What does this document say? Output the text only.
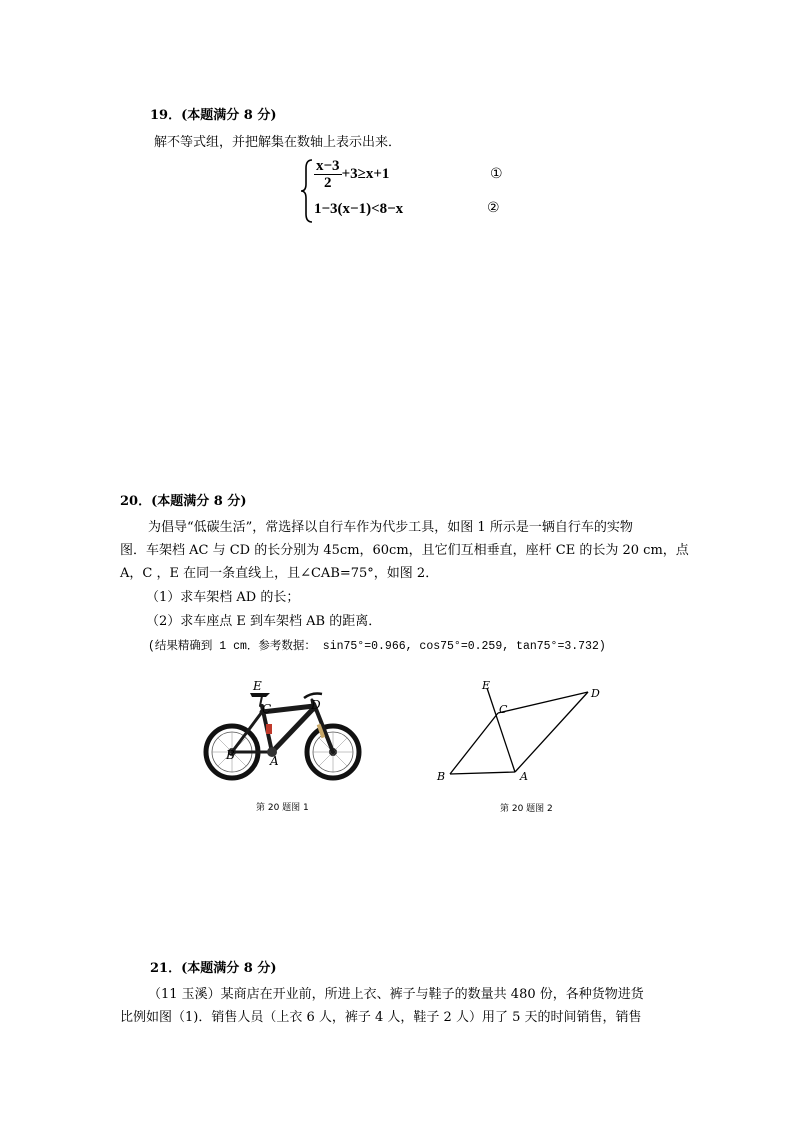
19．(本题满分 8 分)
解不等式组，并把解集在数轴上表示出来．
$\frac{x-3}{2} +3\ge x+1$
1−3(x−1)<8−x
①
②
20．(本题满分 8 分)
为倡导“低碳生活”，常选择以自行车作为代步工具，如图 1 所示是一辆自行车的实物
图．车架档 AC 与 CD 的长分别为 45cm，60cm，且它们互相垂直，座杆 CE 的长为 20 cm，点
A，C ，E 在同一条直线上，且∠CAB=75°，如图 2．
（1）求车架档 AD 的长；
（2）求车座点 E 到车架档 AB 的距离．
(结果精确到 1 cm．参考数据： sin75°=0.966, cos75°=0.259, tan75°=3.732)
E
C	D
B	A
第 20 题图 1
E
C
D
B	A
第 20 题图 2
21．(本题满分 8 分)
（11 玉溪）某商店在开业前，所进上衣、裤子与鞋子的数量共 480 份，各种货物进货
比例如图（1)．销售人员（上衣 6 人，裤子 4 人，鞋子 2 人）用了 5 天的时间销售，销售
